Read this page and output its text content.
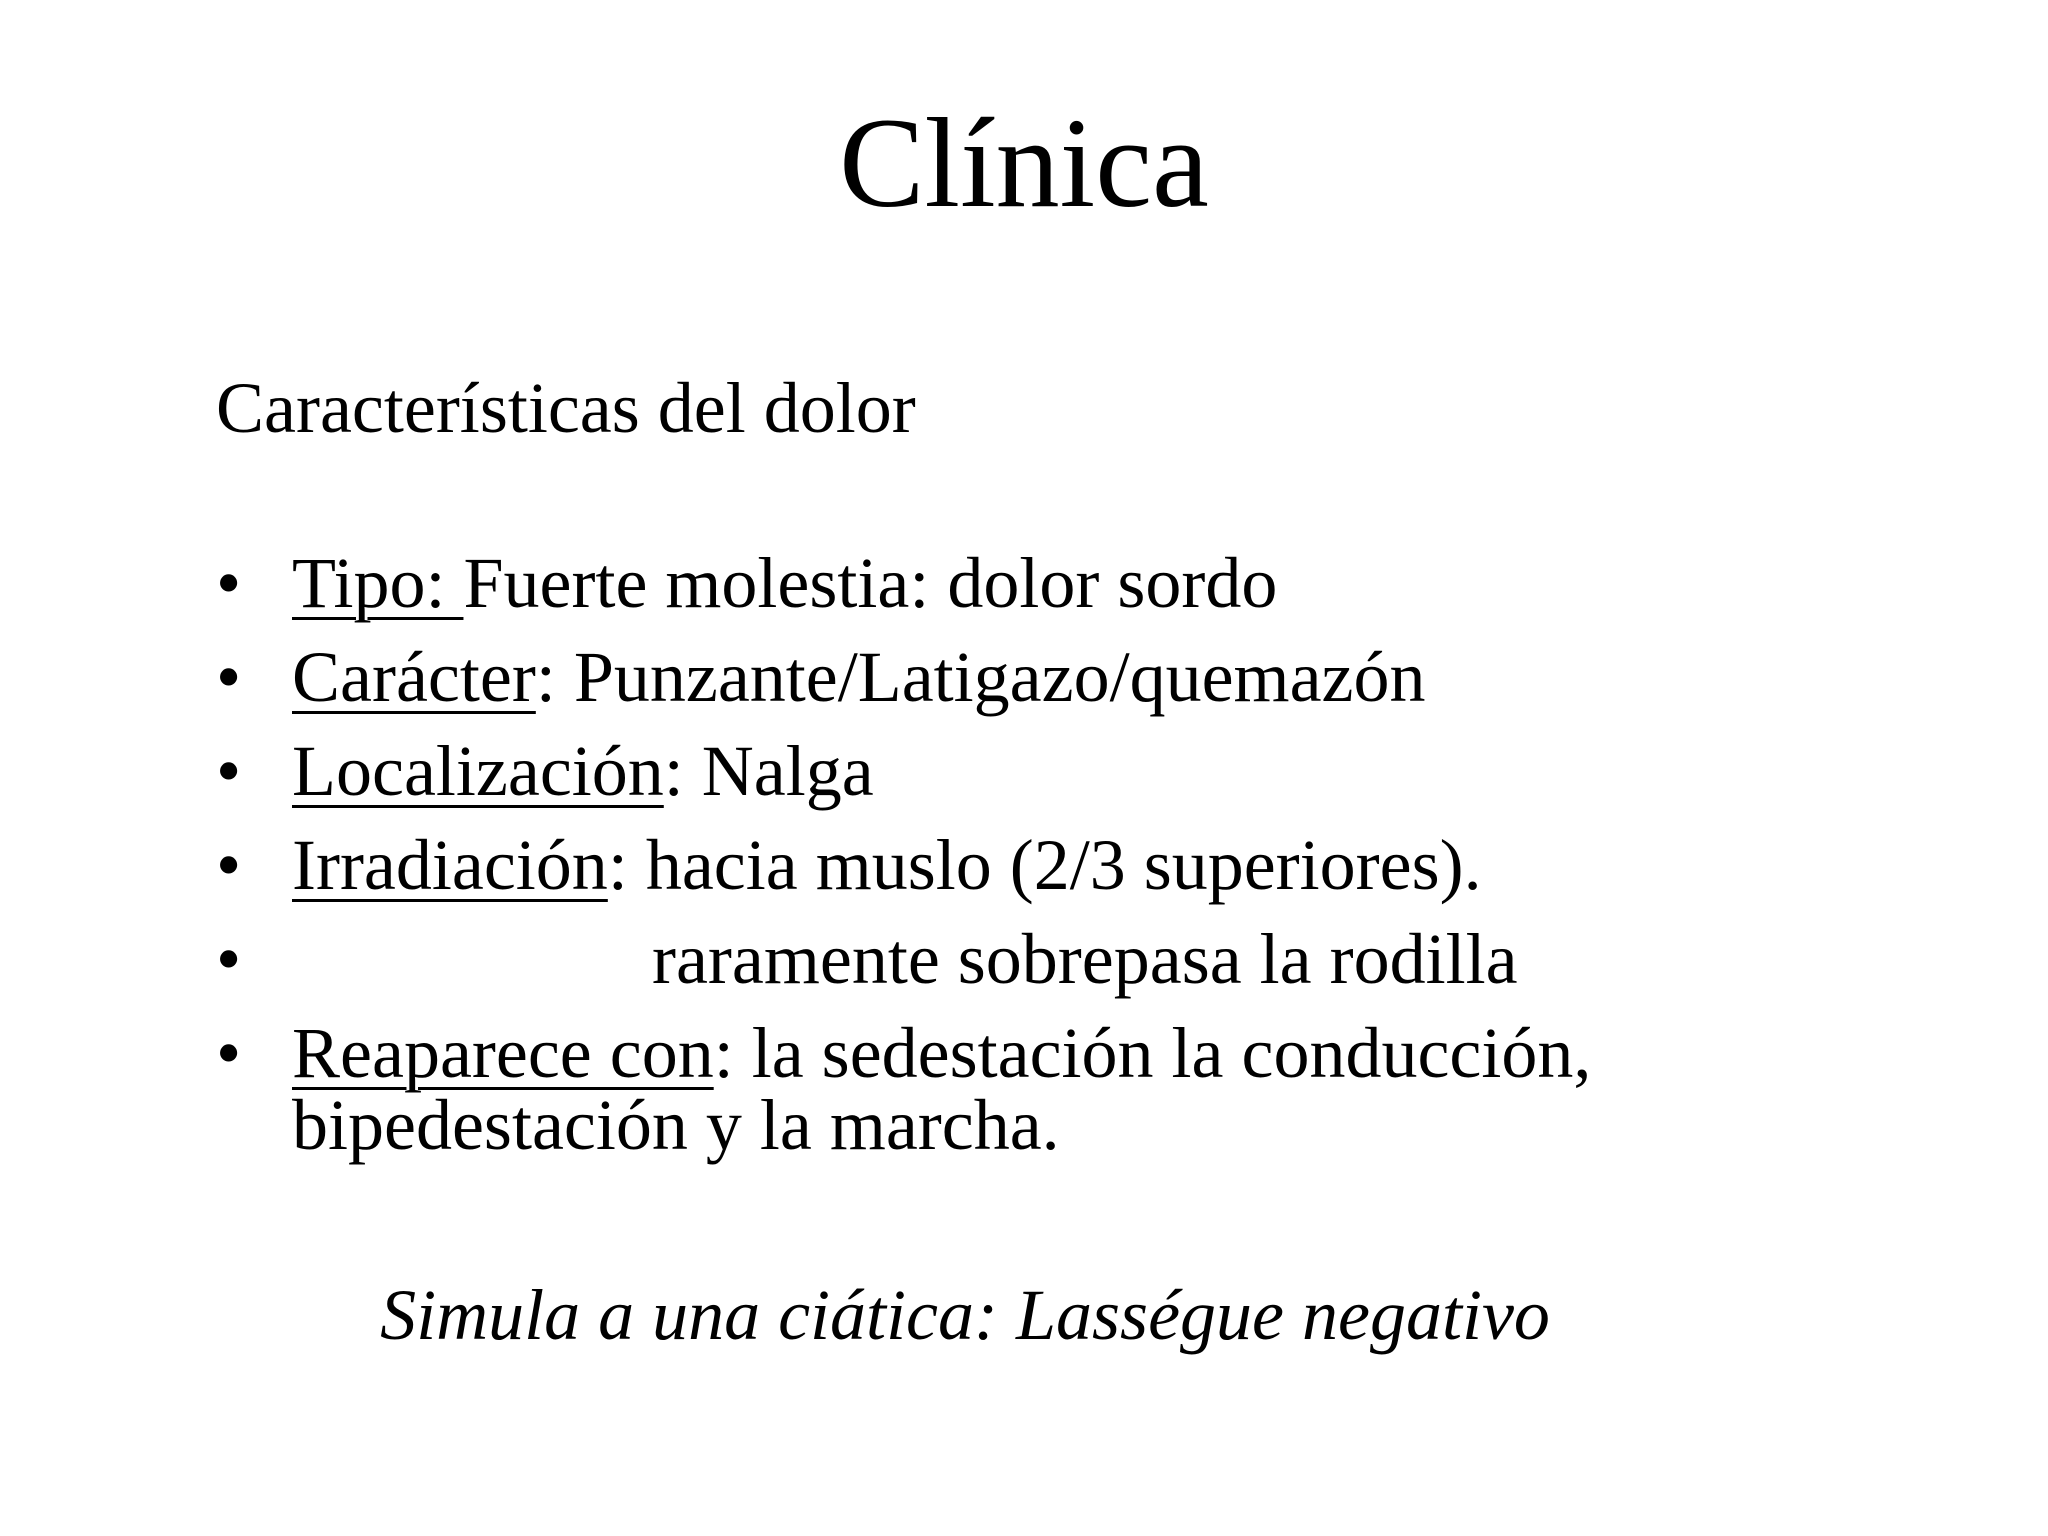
Clínica
Características del dolor
• Tipo: Fuerte molestia: dolor sordo
• Carácter: Punzante/Latigazo/quemazón
• Localización: Nalga
• Irradiación: hacia muslo (2/3 superiores).
•	raramente sobrepasa la rodilla
• Reaparece con: la sedestación la conducción,
bipedestación y la marcha.
Simula a una ciática: Lasségue negativo
